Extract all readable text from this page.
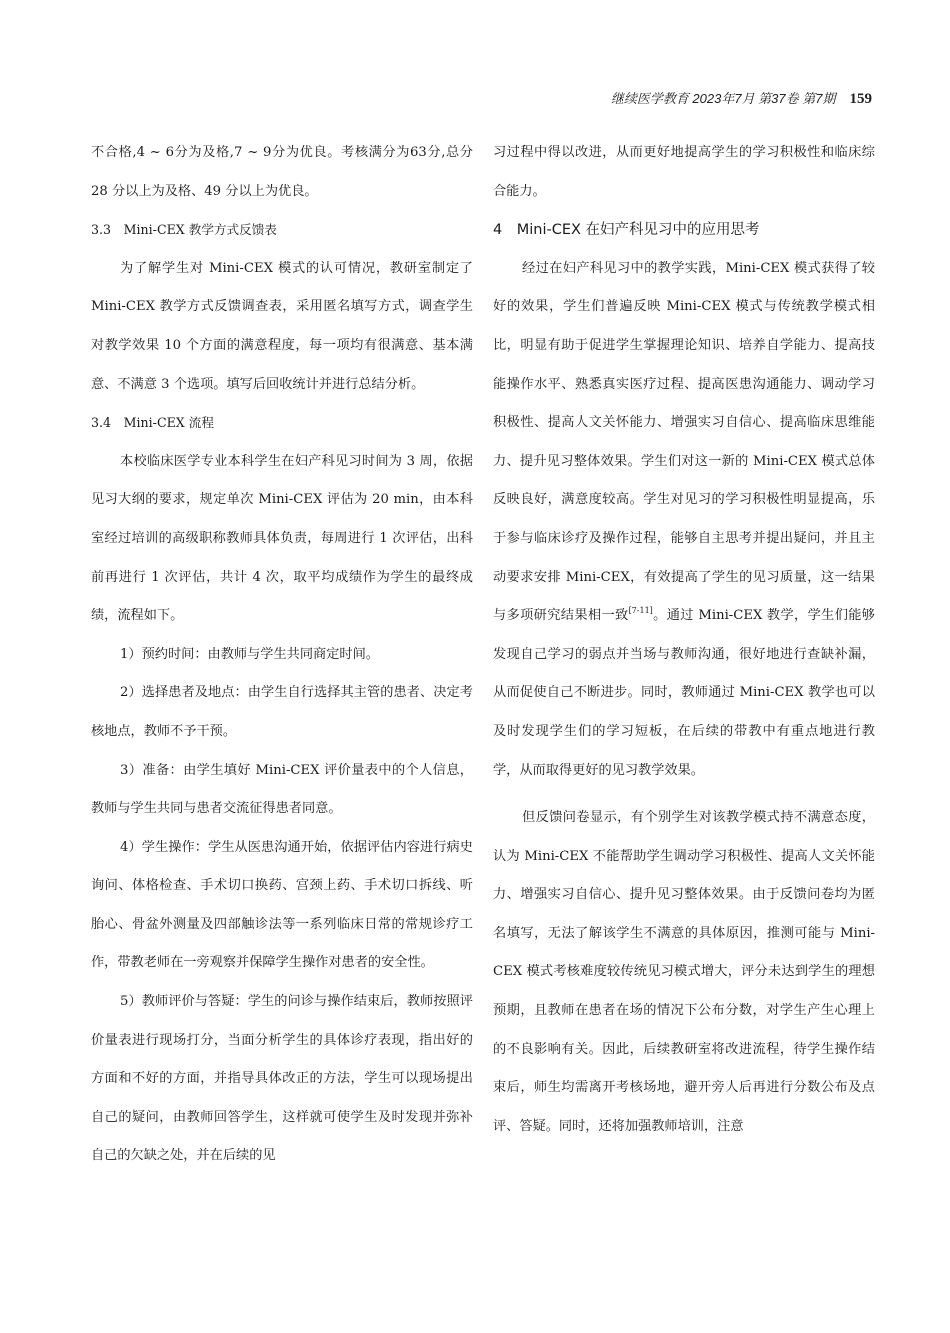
继续医学教育 2023年7月 第37卷 第7期 159

不合格,4 ~ 6分为及格,7 ~ 9分为优良。考核满分为63分,总分 28 分以上为及格、49 分以上为优良。

3.3　Mini-CEX 教学方式反馈表

为了解学生对 Mini-CEX 模式的认可情况，教研室制定了 Mini-CEX 教学方式反馈调查表，采用匿名填写方式，调查学生对教学效果 10 个方面的满意程度，每一项均有很满意、基本满意、不满意 3 个选项。填写后回收统计并进行总结分析。

3.4　Mini-CEX 流程

本校临床医学专业本科学生在妇产科见习时间为 3 周，依据见习大纲的要求，规定单次 Mini-CEX 评估为 20 min，由本科室经过培训的高级职称教师具体负责，每周进行 1 次评估，出科前再进行 1 次评估，共计 4 次，取平均成绩作为学生的最终成绩，流程如下。

1）预约时间：由教师与学生共同商定时间。

2）选择患者及地点：由学生自行选择其主管的患者、决定考核地点，教师不予干预。

3）准备：由学生填好 Mini-CEX 评价量表中的个人信息，教师与学生共同与患者交流征得患者同意。

4）学生操作：学生从医患沟通开始，依据评估内容进行病史询问、体格检查、手术切口换药、宫颈上药、手术切口拆线、听胎心、骨盆外测量及四部触诊法等一系列临床日常的常规诊疗工作，带教老师在一旁观察并保障学生操作对患者的安全性。

5）教师评价与答疑：学生的问诊与操作结束后，教师按照评价量表进行现场打分，当面分析学生的具体诊疗表现，指出好的方面和不好的方面，并指导具体改正的方法，学生可以现场提出自己的疑问，由教师回答学生，这样就可使学生及时发现并弥补自己的欠缺之处，并在后续的见

习过程中得以改进，从而更好地提高学生的学习积极性和临床综合能力。

4　Mini-CEX 在妇产科见习中的应用思考

经过在妇产科见习中的教学实践，Mini-CEX 模式获得了较好的效果，学生们普遍反映 Mini-CEX 模式与传统教学模式相比，明显有助于促进学生掌握理论知识、培养自学能力、提高技能操作水平、熟悉真实医疗过程、提高医患沟通能力、调动学习积极性、提高人文关怀能力、增强实习自信心、提高临床思维能力、提升见习整体效果。学生们对这一新的 Mini-CEX 模式总体反映良好，满意度较高。学生对见习的学习积极性明显提高，乐于参与临床诊疗及操作过程，能够自主思考并提出疑问，并且主动要求安排 Mini-CEX，有效提高了学生的见习质量，这一结果与多项研究结果相一致[7-11]。通过 Mini-CEX 教学，学生们能够发现自己学习的弱点并当场与教师沟通，很好地进行查缺补漏，从而促使自己不断进步。同时，教师通过 Mini-CEX 教学也可以及时发现学生们的学习短板，在后续的带教中有重点地进行教学，从而取得更好的见习教学效果。

但反馈问卷显示，有个别学生对该教学模式持不满意态度，认为 Mini-CEX 不能帮助学生调动学习积极性、提高人文关怀能力、增强实习自信心、提升见习整体效果。由于反馈问卷均为匿名填写，无法了解该学生不满意的具体原因，推测可能与 Mini-CEX 模式考核难度较传统见习模式增大，评分未达到学生的理想预期，且教师在患者在场的情况下公布分数，对学生产生心理上的不良影响有关。因此，后续教研室将改进流程，待学生操作结束后，师生均需离开考核场地，避开旁人后再进行分数公布及点评、答疑。同时，还将加强教师培训，注意
